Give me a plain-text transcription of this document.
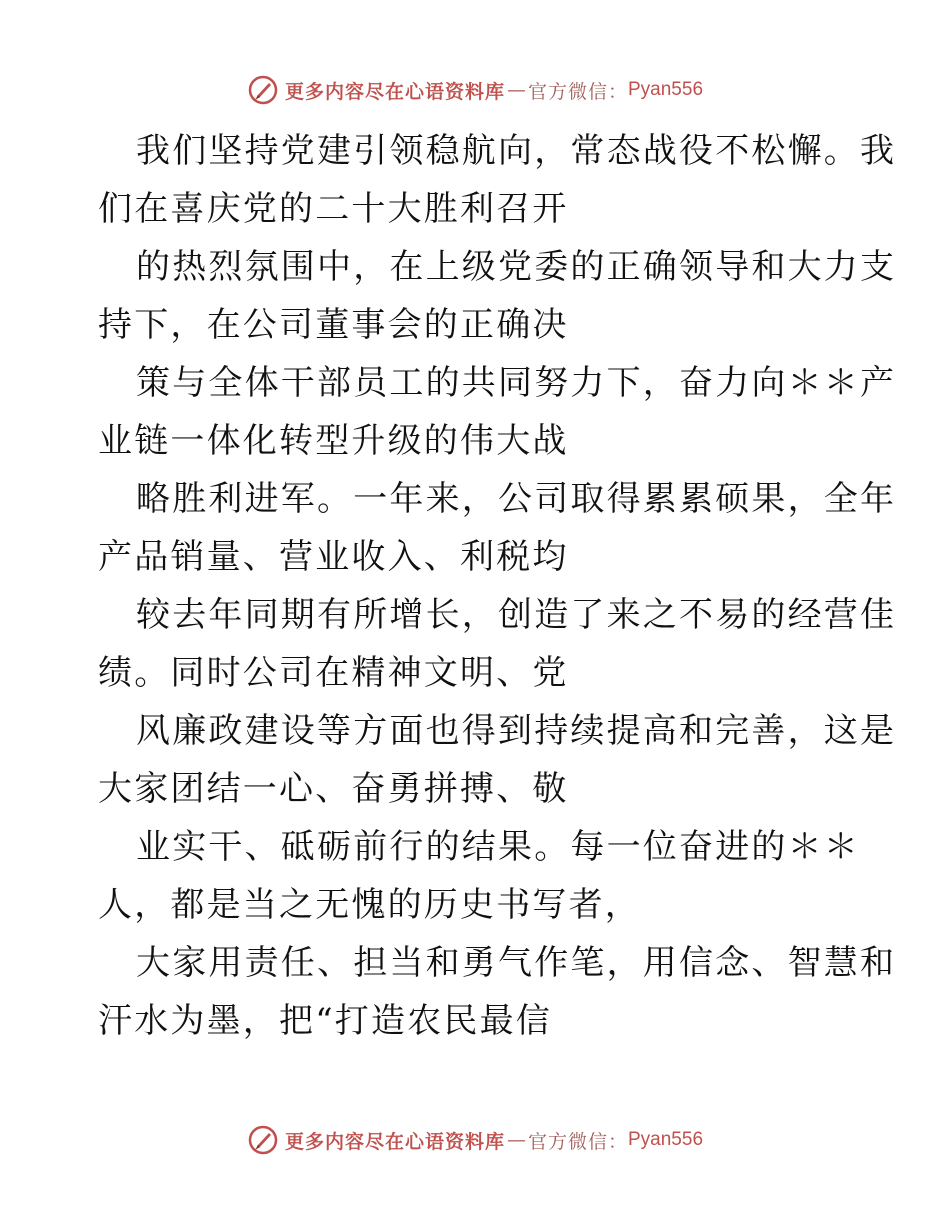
更多内容尽在心语资料库 — 官方微信： Pyan556

我们坚持党建引领稳航向，常态战役不松懈。我
们在喜庆党的二十大胜利召开

的热烈氛围中，在上级党委的正确领导和大力支
持下，在公司董事会的正确决

策与全体干部员工的共同努力下，奋力向＊＊产
业链一体化转型升级的伟大战

略胜利进军。一年来，公司取得累累硕果，全年
产品销量、营业收入、利税均

较去年同期有所增长，创造了来之不易的经营佳
绩。同时公司在精神文明、党

风廉政建设等方面也得到持续提高和完善，这是
大家团结一心、奋勇拼搏、敬

业实干、砥砺前行的结果。每一位奋进的＊＊
人，都是当之无愧的历史书写者，

大家用责任、担当和勇气作笔，用信念、智慧和
汗水为墨，把“打造农民最信

更多内容尽在心语资料库 — 官方微信： Pyan556
